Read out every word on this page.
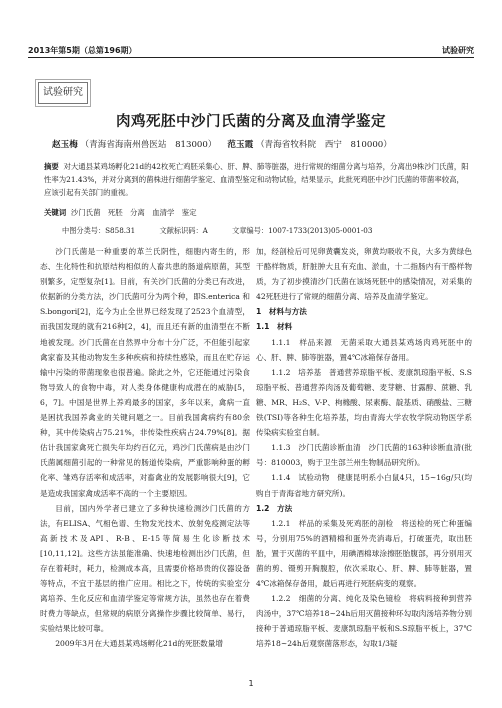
2013年第5期（总第196期）	试验研究
试验研究
肉鸡死胚中沙门氏菌的分离及血清学鉴定
赵玉梅 （青海省海南州兽医站　813000） 范玉霞 （青海省牧科院　西宁　810000）
摘要 对大通县某鸡场孵化21d的42枚死亡鸡胚采集心、肝、脾、肺等脏器，进行常规的细菌分离与培养，分离出9株沙门氏菌，阳性率为21.43%，并对分离到的菌株进行细菌学鉴定、血清型鉴定和动物试验，结果显示，此批死鸡胚中沙门氏菌的带菌率较高，应该引起有关部门的重视。
关键词 沙门氏菌　死胚　分离　血清学　鉴定
中图分类号：S858.31	文献标识码：A	文章编号：1007-1733(2013)05-0001-03

沙门氏菌是一种重要的革兰氏阴性，细胞内寄生的，形态、生化特性和抗原结构相似的人畜共患的肠道病原菌，其型别繁多，定型复杂[1]。目前，有关沙门氏菌的分类已有改进，依据新的分类方法，沙门氏菌可分为两个种，即S.enterica 和S.bongori[2]，迄今为止全世界已经发现了2523个血清型，而我国发现的就有216种[2，4]，而且还有新的血清型在不断地被发现。沙门氏菌在自然界中分布十分广泛，不但能引起家禽家畜及其他动物发生多种疾病和持续性感染，而且在贮存运输中污染的带菌现象也很普遍。除此之外，它还能通过污染食物导致人的食物中毒，对人类身体健康构成潜在的威胁[5，6，7]。中国是世界上养鸡最多的国家，多年以来，禽病一直是困扰我国养禽业的关键问题之一。目前我国禽病约有80余种，其中传染病占75.21%，非传染性疾病占24.79%[8]。据估计我国家禽死亡损失年均约百亿元，鸡沙门氏菌病是由沙门氏菌属细菌引起的一种常见的肠道传染病，严重影响种蛋的孵化率、雏鸡存活率和成活率，对畜禽业的发展影响很大[9]，它是造成我国家禽成活率不高的一个主要原因。

目前，国内外学者已建立了多种快速检测沙门氏菌的方法，有ELISA、气相色谱、生物发光技术、放射免疫测定法等高新技术及API、R-B、E-15等简易生化诊断技术[10,11,12]。这些方法虽能准确、快速地检测出沙门氏菌，但存在着耗时，耗力，检测成本高，且需要价格昂贵的仪器设备等特点，不宜于基层的推广应用。相比之下，传统的实验室分离培养、生化反应和血清学鉴定等常规方法，虽然也存在着费时费力等缺点，但常规的病原分离操作步骤比较简单、易行，实验结果比较可靠。

2009年3月在大通县某鸡场孵化21d的死胚数量增

加，经剖检后可见卵黄囊发炎，卵黄均吸收不良，大多为黄绿色干酪样物质，肝脏肿大且有充血、淤血，十二指肠内有干酪样物质，为了初步摸清沙门氏菌在该场死胚中的感染情况，对采集的42死胚进行了常规的细菌分离、培养及血清学鉴定。

1　材料与方法

1.1　材料

1.1.1　样品来源　无菌采取大通县某鸡场肉鸡死胚中的心、肝、脾、肺等脏器，置4℃冰箱保存备用。

1.1.2　培养基　普通营养琼脂平板、麦康凯琼脂平板、S.S琼脂平板、普通营养肉汤及葡萄糖、麦芽糖、甘露醇、蔗糖、乳糖、MR、H₂S、V-P、枸橼酸、尿素酶、靛基质、硝酸盐、三糖铁(TSI)等各种生化培养基，均由青海大学农牧学院动物医学系传染病实验室自制。

1.1.3　沙门氏菌诊断血清　沙门氏菌的163种诊断血清(批号：810003，购于卫生部兰州生物制品研究所)。

1.1.4　试验动物　健康昆明系小白鼠4只，15~16g/只(均购自于青海省地方研究所)。

1.2　方法

1.2.1　样品的采集及死鸡胚的剖检　将送检的死亡种蛋编号，分别用75%的酒精棉和蛋外壳消毒后，打破蛋壳，取出胚胎，置于灭菌的平皿中，用碘酒棉球涂擦胚胎腹部，再分别用灭菌的剪、镊剪开胸腹腔，依次采取心、肝、脾、肺等脏器，置4℃冰箱保存备用，最后再进行死胚病变的观察。

1.2.2　细菌的分离、纯化及染色镜检　将病料接种到营养肉汤中，37℃培养18~24h后用灭菌接种环勾取肉汤培养物分别接种于普通琼脂平板、麦康凯琼脂平板和S.S琼脂平板上，37℃培养18~24h后观察菌落形态，勾取1/3疑

1
